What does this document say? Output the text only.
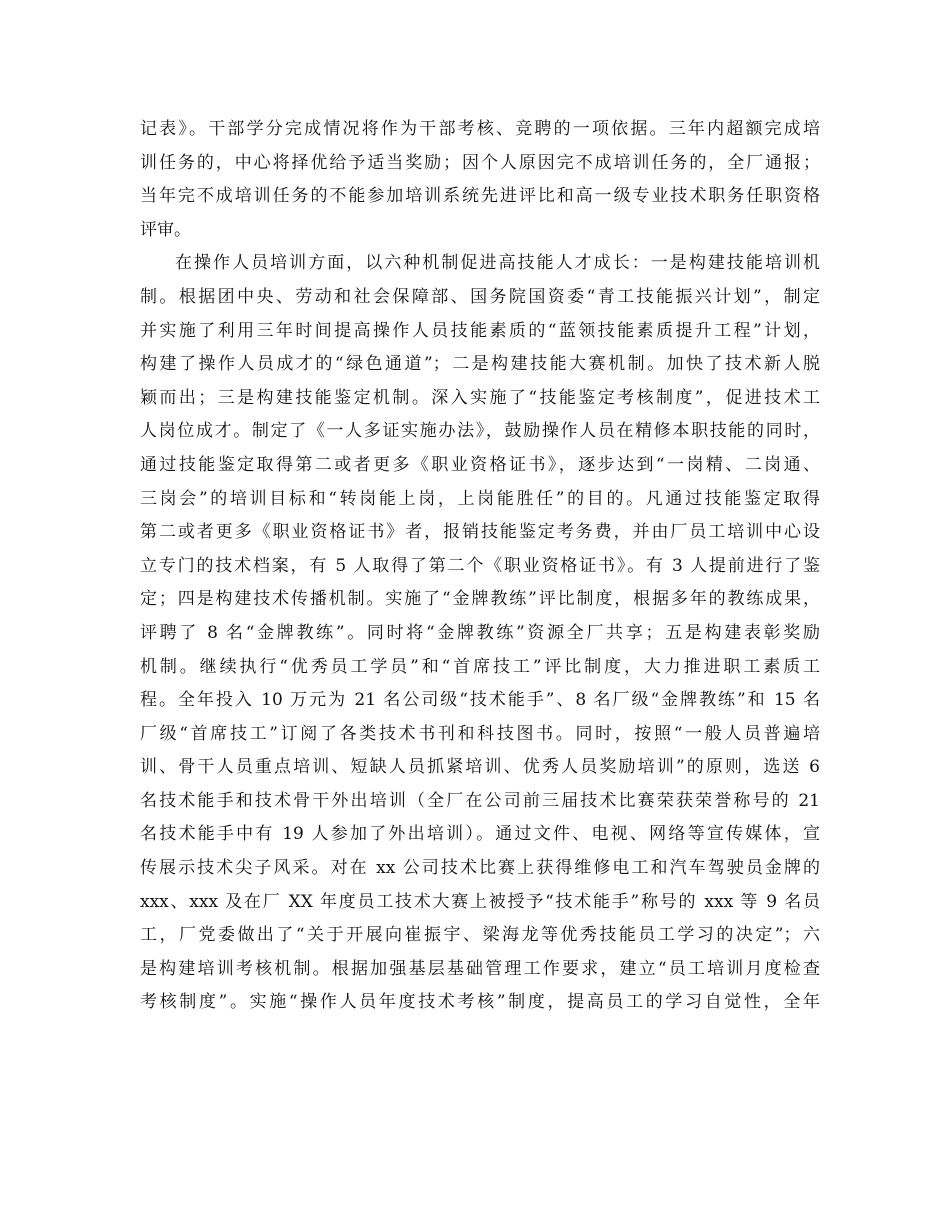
记表》。干部学分完成情况将作为干部考核、竞聘的一项依据。三年内超额完成培
训任务的，中心将择优给予适当奖励；因个人原因完不成培训任务的，全厂通报；
当年完不成培训任务的不能参加培训系统先进评比和高一级专业技术职务任职资格
评审。
在操作人员培训方面，以六种机制促进高技能人才成长：一是构建技能培训机
制。根据团中央、劳动和社会保障部、国务院国资委“青工技能振兴计划”，制定
并实施了利用三年时间提高操作人员技能素质的“蓝领技能素质提升工程”计划，
构建了操作人员成才的“绿色通道”；二是构建技能大赛机制。加快了技术新人脱
颖而出；三是构建技能鉴定机制。深入实施了“技能鉴定考核制度”，促进技术工
人岗位成才。制定了《一人多证实施办法》，鼓励操作人员在精修本职技能的同时，
通过技能鉴定取得第二或者更多《职业资格证书》，逐步达到“一岗精、二岗通、
三岗会”的培训目标和“转岗能上岗，上岗能胜任”的目的。凡通过技能鉴定取得
第二或者更多《职业资格证书》者，报销技能鉴定考务费，并由厂员工培训中心设
立专门的技术档案，有 5 人取得了第二个《职业资格证书》。有 3 人提前进行了鉴
定；四是构建技术传播机制。实施了“金牌教练”评比制度，根据多年的教练成果，
评聘了 8 名“金牌教练”。同时将“金牌教练”资源全厂共享；五是构建表彰奖励
机制。继续执行“优秀员工学员”和“首席技工”评比制度，大力推进职工素质工
程。全年投入 10 万元为 21 名公司级“技术能手”、8 名厂级“金牌教练”和 15 名
厂级“首席技工”订阅了各类技术书刊和科技图书。同时，按照“一般人员普遍培
训、骨干人员重点培训、短缺人员抓紧培训、优秀人员奖励培训”的原则，选送 6
名技术能手和技术骨干外出培训（全厂在公司前三届技术比赛荣获荣誉称号的 21
名技术能手中有 19 人参加了外出培训）。通过文件、电视、网络等宣传媒体，宣
传展示技术尖子风采。对在 xx 公司技术比赛上获得维修电工和汽车驾驶员金牌的
xxx、xxx 及在厂 XX 年度员工技术大赛上被授予“技术能手”称号的 xxx 等 9 名员
工，厂党委做出了“关于开展向崔振宇、梁海龙等优秀技能员工学习的决定”；六
是构建培训考核机制。根据加强基层基础管理工作要求，建立“员工培训月度检查
考核制度”。实施“操作人员年度技术考核”制度，提高员工的学习自觉性，全年
